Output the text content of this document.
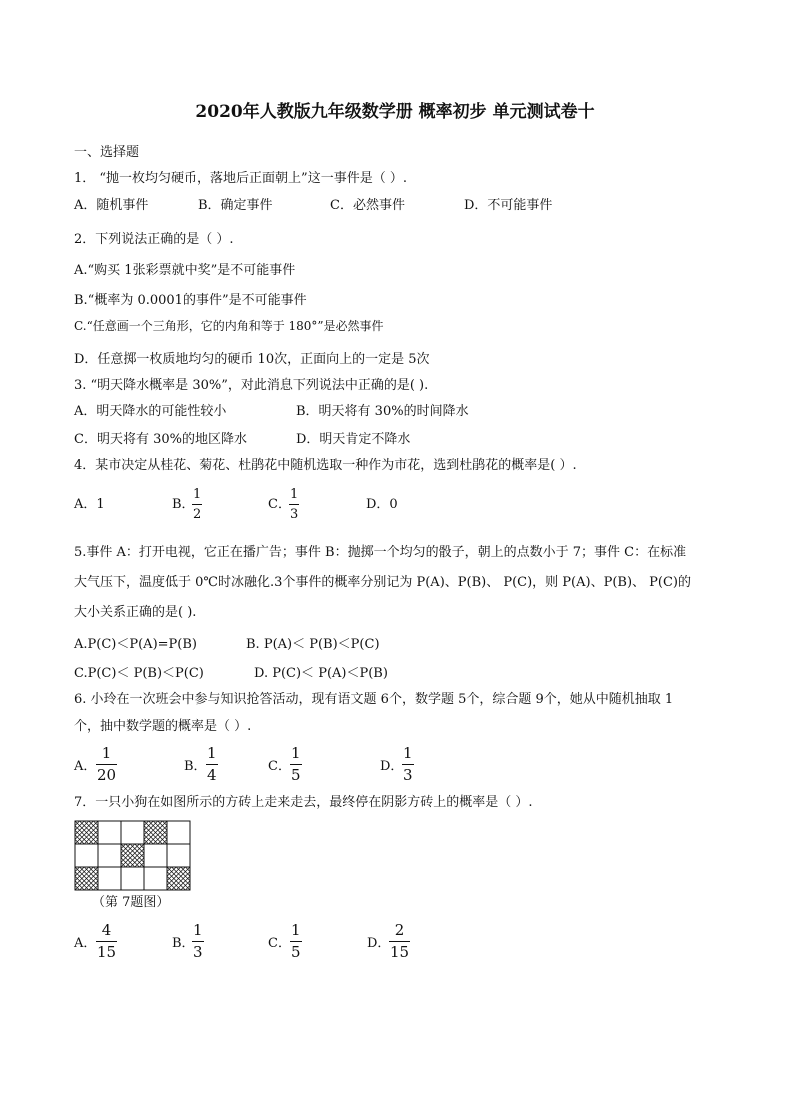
2020年人教版九年级数学册 概率初步 单元测试卷十
一、选择题
1． “抛一枚均匀硬币，落地后正面朝上”这一事件是（ ）.
A．随机事件	B．确定事件	C．必然事件	D．不可能事件
2．下列说法正确的是（ ）.
A.“购买 1张彩票就中奖”是不可能事件
B.“概率为 0.0001的事件”是不可能事件
C.“任意画一个三角形，它的内角和等于 180°”是必然事件
D．任意掷一枚质地均匀的硬币 10次，正面向上的一定是 5次
3. “明天降水概率是 30%”，对此消息下列说法中正确的是( ).
A．明天降水的可能性较小	B．明天将有 30%的时间降水
C．明天将有 30%的地区降水	D．明天肯定不降水
4．某市决定从桂花、菊花、杜鹃花中随机选取一种作为市花，选到杜鹃花的概率是( ）.
A．1	B．
$\frac{1}{2}$	C．
$\frac{1}{3}$	D．0
5.事件 A：打开电视，它正在播广告；事件 B：抛掷一个均匀的骰子，朝上的点数小于 7；事件 C：在标准
大气压下，温度低于 0℃时冰融化.3个事件的概率分别记为 P(A)、P(B)、 P(C)，则 P(A)、P(B)、 P(C)的
大小关系正确的是( ).
A.P(C)＜P(A)=P(B)	B. P(A)＜ P(B)＜P(C)
C.P(C)＜ P(B)＜P(C)	D. P(C)＜ P(A)＜P(B)
6. 小玲在一次班会中参与知识抢答活动，现有语文题 6个，数学题 5个，综合题 9个，她从中随机抽取 1
个，抽中数学题的概率是（ ）.
A． $\frac{1}{20}$	B． $\frac{1}{4}$	C． $\frac{1}{5}$	D．
$\frac{1}{3}$
7．一只小狗在如图所示的方砖上走来走去，最终停在阴影方砖上的概率是（ ）.
（第 7题图）
A． $\frac{4}{15}$	B．
$\frac{1}{3}$	C． $\frac{1}{5}$	D．
$\frac{2}{15}$
